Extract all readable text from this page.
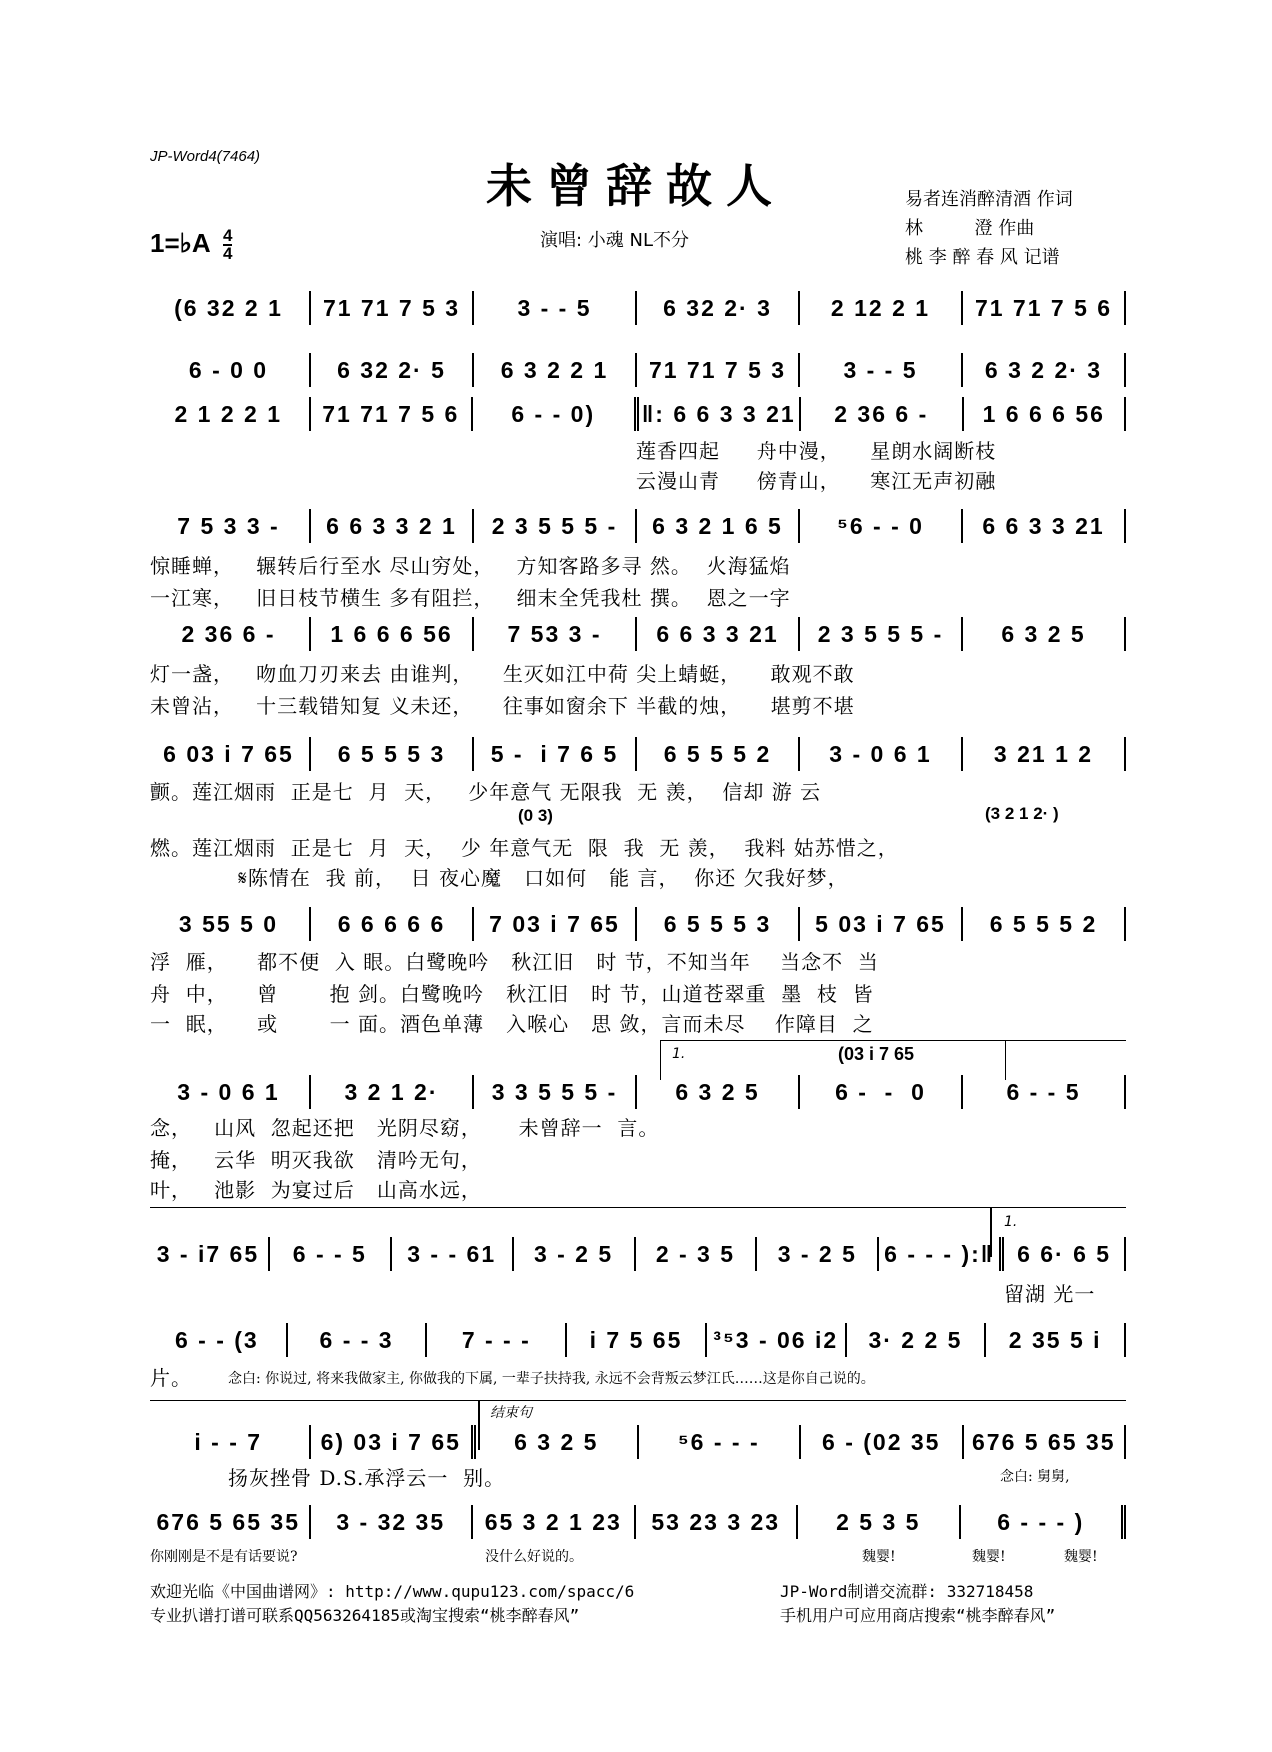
JP-Word4(7464)
未曾辞故人
1=♭A $\frac{4}{4}$	演唱: 小魂 NL不分
易者连消醉清酒 作词
林         澄 作曲
桃 李 醉 春 风 记谱
(6 32 2 1	71 71 7 5 3	3 - - 5	6 32 2· 3	2 12 2 1	71 71 7 5 6
6 - 0 0	6 32 2· 5	6 3 2 2 1	71 71 7 5 3	3 - - 5	6 3 2 2· 3
2 1 2 2 1	71 71 7 5 6	6 - - 0)	‖: 6 6 3 3 21	2 36 6 -	1 6 6 6 56
莲香四起     舟中漫，    星朗水阔断枝
云漫山青     傍青山，    寒江无声初融
7 5 3 3 -	6 6 3 3 2 1	2 3 5 5 5 -	6 3 2 1 6 5	⁵6 - - 0	6 6 3 3 21
惊睡蝉，   辗转后行至水 尽山穷处，   方知客路多寻 然。  火海猛焰
一江寒，   旧日枝节横生 多有阻拦，   细末全凭我杜 撰。  恩之一字
2 36 6 -	1 6 6 6 56	7 53 3 -	6 6 3 3 21	2 3 5 5 5 -	6 3 2 5
灯一盏，   吻血刀刃来去 由谁判，    生灭如江中荷 尖上蜻蜓，    敢观不敢
未曾沾，   十三载错知复 义未还，    往事如窗余下 半截的烛，    堪剪不堪
6 03 i 7 65	6 5 5 5 3	5 -  i 7 6 5	6 5 5 5 2	3 - 0 6 1	3 21 1 2
颤。莲江烟雨  正是七  月  天，   少年意气 无限我  无 羡，  信却 游 云
(0 3)	(3 2 1 2· )
燃。莲江烟雨  正是七  月  天，  少 年意气无  限  我  无 羡，  我料 姑苏惜之，
𝄋陈情在  我 前，  日 夜心魔   口如何   能 言，  你还 欠我好梦，
3 55 5 0	6 6 6 6 6	7 03 i 7 65	6 5 5 5 3	5 03 i 7 65	6 5 5 5 2
浮  雁，    都不便  入 眼。白鹭晚吟   秋江旧   时 节，不知当年    当念不  当
舟  中，    曾       抱 剑。白鹭晚吟   秋江旧   时 节，山道苍翠重  墨  枝  皆
一  眠，    或       一 面。酒色单薄   入喉心   思 敛，言而未尽    作障目  之
1.	(03 i 7 65
3 - 0 6 1	3 2 1 2·	3 3 5 5 5 -	6 3 2 5	6 -  -  0	6 - - 5
念，   山风  忽起还把   光阴尽窈，     未曾辞一  言。
掩，   云华  明灭我欲   清吟无句，
叶，   池影  为宴过后   山高水远，
1.
3 - i7 65	6 - - 5	3 - - 61	3 - 2 5	2 - 3 5	3 - 2 5	6 - - - ):‖ 6 6· 6 5
留湖 光一
6 - - (3	6 - - 3	7 - - -	i 7 5 65	³⁵3 - 06 i2	3· 2 2 5	2 35 5 i
片。	念白: 你说过, 将来我做家主, 你做我的下属, 一辈子扶持我, 永远不会背叛云梦江氏……这是你自己说的。
结束句
i - - 7	6) 03 i 7 65	6 3 2 5	⁵6 - - -	6 - (02 35	676 5 65 35
扬灰挫骨 D.S.承浮云一  别。	念白: 舅舅,
676 5 65 35	3 - 32 35	65 3 2 1 23	53 23 3 23	2 5 3 5	6 - - - )
你刚刚是不是有话要说?	没什么好说的。	魏婴!	魏婴!	魏婴!
欢迎光临《中国曲谱网》: http://www.qupu123.com/spacc/6
专业扒谱打谱可联系QQ563264185或淘宝搜索“桃李醉春风”
JP-Word制谱交流群: 332718458
手机用户可应用商店搜索“桃李醉春风”
